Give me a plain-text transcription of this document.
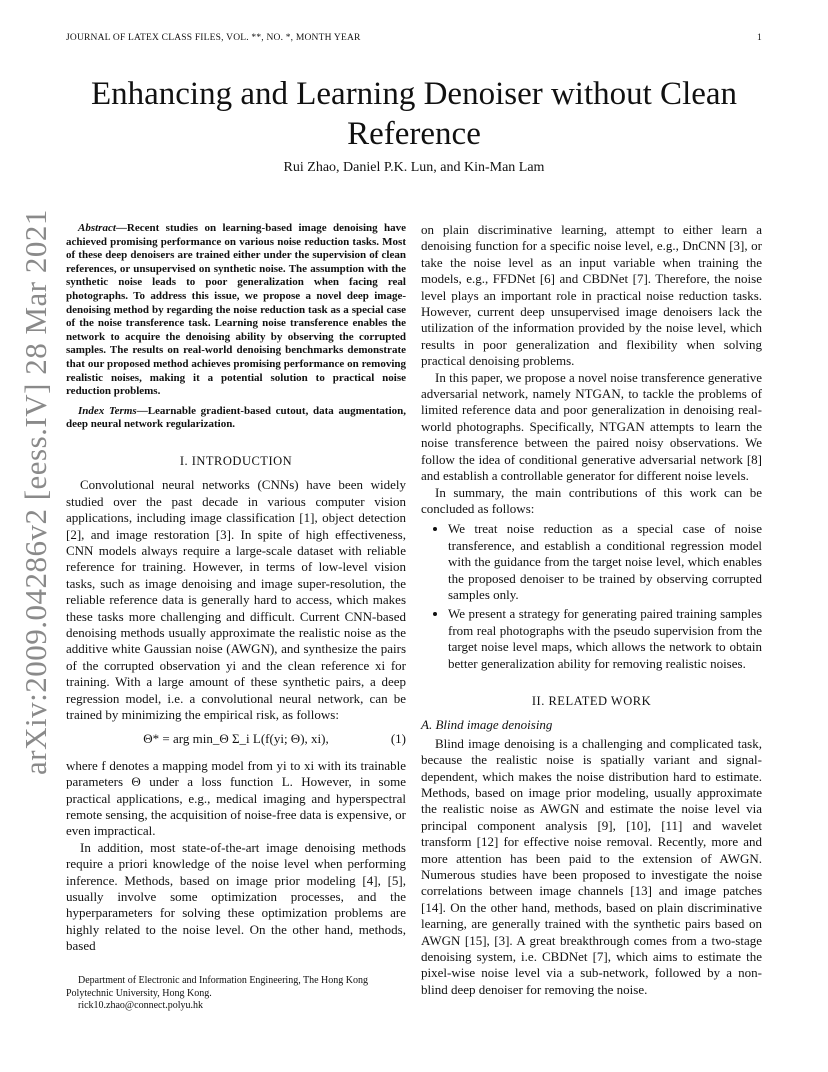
JOURNAL OF LATEX CLASS FILES, VOL. **, NO. *, MONTH YEAR	1
arXiv:2009.04286v2 [eess.IV] 28 Mar 2021
Enhancing and Learning Denoiser without Clean Reference
Rui Zhao, Daniel P.K. Lun, and Kin-Man Lam

Abstract—Recent studies on learning-based image denoising have achieved promising performance on various noise reduction tasks. Most of these deep denoisers are trained either under the supervision of clean references, or unsupervised on synthetic noise. The assumption with the synthetic noise leads to poor generalization when facing real photographs. To address this issue, we propose a novel deep image-denoising method by regarding the noise reduction task as a special case of the noise transference task. Learning noise transference enables the network to acquire the denoising ability by observing the corrupted samples. The results on real-world denoising benchmarks demonstrate that our proposed method achieves promising performance on removing realistic noises, making it a potential solution to practical noise reduction problems.

Index Terms—Learnable gradient-based cutout, data augmentation, deep neural network regularization.

I. INTRODUCTION

Convolutional neural networks (CNNs) have been widely studied over the past decade in various computer vision applications, including image classification [1], object detection [2], and image restoration [3]. In spite of high effectiveness, CNN models always require a large-scale dataset with reliable reference for training. However, in terms of low-level vision tasks, such as image denoising and image super-resolution, the reliable reference data is generally hard to access, which makes these tasks more challenging and difficult. Current CNN-based denoising methods usually approximate the realistic noise as the additive white Gaussian noise (AWGN), and synthesize the pairs of the corrupted observation yi and the clean reference xi for training. With a large amount of these synthetic pairs, a deep regression model, i.e. a convolutional neural network, can be trained by minimizing the empirical risk, as follows:

Θ* = arg min_Θ Σ_i L(f(yi; Θ), xi),	(1)

where f denotes a mapping model from yi to xi with its trainable parameters Θ under a loss function L. However, in some practical applications, e.g., medical imaging and hyperspectral remote sensing, the acquisition of noise-free data is expensive, or even impractical.

In addition, most state-of-the-art image denoising methods require a priori knowledge of the noise level when performing inference. Methods, based on image prior modeling [4], [5], usually involve some optimization processes, and the hyperparameters for solving these optimization problems are highly related to the noise level. On the other hand, methods, based

Department of Electronic and Information Engineering, The Hong Kong Polytechnic University, Hong Kong.

rick10.zhao@connect.polyu.hk

on plain discriminative learning, attempt to either learn a denoising function for a specific noise level, e.g., DnCNN [3], or take the noise level as an input variable when training the models, e.g., FFDNet [6] and CBDNet [7]. Therefore, the noise level plays an important role in practical noise reduction tasks. However, current deep unsupervised image denoisers lack the utilization of the information provided by the noise level, which results in poor generalization and flexibility when solving practical denoising problems.

In this paper, we propose a novel noise transference generative adversarial network, namely NTGAN, to tackle the problems of limited reference data and poor generalization in denoising real-world photographs. Specifically, NTGAN attempts to learn the noise transference between the paired noisy observations. We follow the idea of conditional generative adversarial network [8] and establish a controllable generator for different noise levels.

In summary, the main contributions of this work can be concluded as follows:

• We treat noise reduction as a special case of noise transference, and establish a conditional regression model with the guidance from the target noise level, which enables the proposed denoiser to be trained by observing corrupted samples only.
• We present a strategy for generating paired training samples from real photographs with the pseudo supervision from the target noise level maps, which allows the network to obtain better generalization ability for removing realistic noises.
II. RELATED WORK
A. Blind image denoising

Blind image denoising is a challenging and complicated task, because the realistic noise is spatially variant and signal-dependent, which makes the noise distribution hard to estimate. Methods, based on image prior modeling, usually approximate the realistic noise as AWGN and estimate the noise level via principal component analysis [9], [10], [11] and wavelet transform [12] for effective noise removal. Recently, more and more attention has been paid to the extension of AWGN. Numerous studies have been proposed to investigate the noise correlations between image channels [13] and image patches [14]. On the other hand, methods, based on plain discriminative learning, are generally trained with the synthetic pairs based on AWGN [15], [3]. A great breakthrough comes from a two-stage denoising system, i.e. CBDNet [7], which aims to estimate the pixel-wise noise level via a sub-network, followed by a non-blind deep denoiser for removing the noise.
